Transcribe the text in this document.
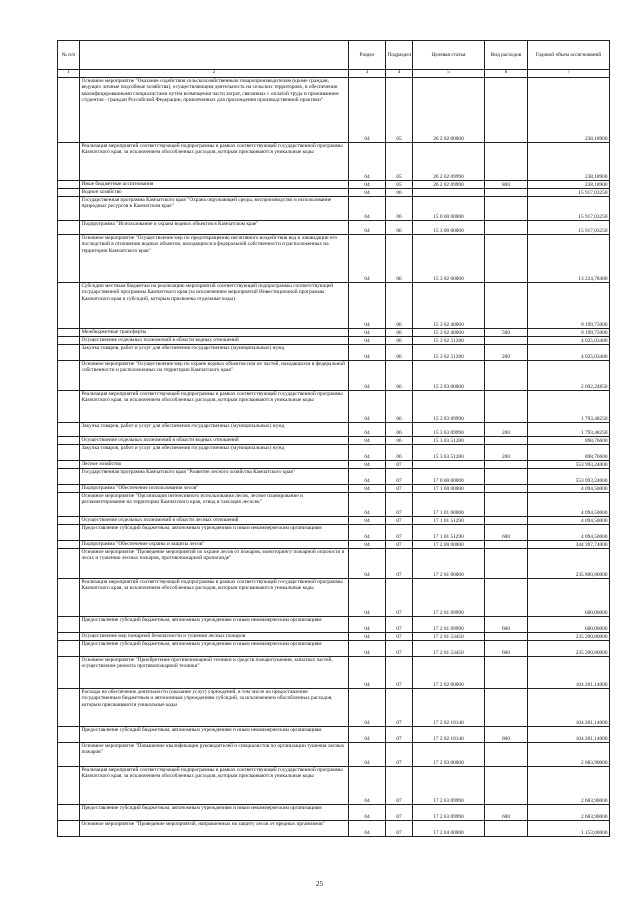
№ п/п		Раздел	Подраздел	Целевая статья	Вид расходов	Годовой объем ассигнований
1	2	3	4	5	6	7
	Основное мероприятие "Оказание содействия сельскохозяйственным товаропроизводителям (кроме граждан, ведущих личные подсобные хозяйства), осуществляющим деятельность на сельских территориях, в обеспечении квалифицированными специалистами путем возмещения части затрат, связанных с оплатой труда и проживанием студентов - граждан Российской Федерации, привлеченных для прохождения производственной практики"	04	05	26 2 02 00000		238,18900
	Реализация мероприятий соответствующей подпрограммы в рамках соответствующей государственной программы Камчатского края, за исключением обособленных расходов, которым присваиваются уникальные коды	04	05	26 2 02 09990		238,18900
	Иные бюджетные ассигнования	04	05	26 2 02 09990	800	238,18900
	Водное хозяйство	04	06			15 917,03250
	Государственная программа Камчатского края "Охрана окружающей среды, воспроизводство и использование природных ресурсов в Камчатском крае"	04	06	15 0 00 00000		15 917,03250
	Подпрограмма "Использование и охрана водных объектов в Камчатском крае"	04	06	15 3 00 00000		15 917,03250
	Основное мероприятие "Осуществление мер по предотвращению негативного воздействия вод и ликвидации его последствий в отношении водных объектов, находящихся в федеральной собственности и расположенных на территории Камчатского края"	04	06	15 3 02 00000		13 224,78400
	Субсидии местным бюджетам на реализацию мероприятий соответствующей подпрограммы соответствующей государственной программы Камчатского края (за исключением мероприятий Инвестиционной программы Камчатского края и субсидий, которым присвоены отдельные коды)	04	06	15 3 02 40060		9 199,75000
	Межбюджетные трансферты	04	06	15 3 02 40060	500	9 199,75000
	Осуществление отдельных полномочий в области водных отношений	04	06	15 3 02 51280		4 025,03400
	Закупка товаров, работ и услуг для обеспечения государственных (муниципальных) нужд	04	06	15 3 02 51280	200	4 025,03400
	Основное мероприятие "Осуществление мер по охране водных объектов или их частей, находящихся в федеральной собственности и расположенных на территории Камчатского края"	04	06	15 3 03 00000		2 692,24850
	Реализация мероприятий соответствующей подпрограммы в рамках соответствующей государственной программы Камчатского края, за исключением обособленных расходов, которым присваиваются уникальные коды	04	06	15 3 03 09990		1 793,48250
	Закупка товаров, работ и услуг для обеспечения государственных (муниципальных) нужд	04	06	15 3 03 09990	200	1 793,48250
	Осуществление отдельных полномочий в области водных отношений	04	06	15 3 03 51280		898,76600
	Закупка товаров, работ и услуг для обеспечения государственных (муниципальных) нужд	04	06	15 3 03 51280	200	898,76600
	Лесное хозяйство	04	07			553 993,24000
	Государственная программа Камчатского края "Развитие лесного хозяйства Камчатского края"	04	07	17 0 00 00000		553 993,24000
	Подпрограмма "Обеспечение использования лесов"	04	07	17 1 00 00000		4 094,50000
	Основное мероприятие "Организация интенсивного использования лесов, лесное планирование и регламентирование на территории Камчатского края, отвод и таксация лесосек"	04	07	17 1 01 00000		4 094,50000
	Осуществление отдельных полномочий в области лесных отношений	04	07	17 1 01 51290		4 094,50000
	Предоставление субсидий бюджетным, автономным учреждениям и иным некоммерческим организациям	04	07	17 1 01 51290	600	4 094,50000
	Подпрограмма "Обеспечение охраны и защиты лесов"	04	07	17 2 00 00000		344 397,74000
	Основное мероприятие "Проведение мероприятий по охране лесов от пожаров, мониторингу пожарной опасности в лесах и тушению лесных пожаров, противопожарной пропаганде"	04	07	17 2 01 00000		235 800,80000
	Реализация мероприятий соответствующей подпрограммы в рамках соответствующей государственной программы Камчатского края, за исключением обособленных расходов, которым присваиваются уникальные коды	04	07	17 2 01 09990		600,00000
	Предоставление субсидий бюджетным, автономным учреждениям и иным некоммерческим организациям	04	07	17 2 01 09990	600	600,00000
	Осуществление мер пожарной безопасности и тушения лесных пожаров	04	07	17 2 01 53450		235 200,80000
	Предоставление субсидий бюджетным, автономным учреждениям и иным некоммерческим организациям	04	07	17 2 01 53450	600	235 200,80000
	Основное мероприятие "Приобретение противопожарной техники и средств пожаротушения, запасных частей, осуществление ремонта противопожарной техники"	04	07	17 2 02 00000		104 261,14000
	Расходы на обеспечение деятельности (оказание услуг) учреждений, в том числе на предоставление государственным бюджетным и автономным учреждениям субсидий, за исключением обособленных расходов, которым присваиваются уникальные коды	04	07	17 2 02 10140		104 261,14000
	Предоставление субсидий бюджетным, автономным учреждениям и иным некоммерческим организациям	04	07	17 2 02 10140	600	104 261,14000
	Основное мероприятие "Повышение квалификации руководителей и специалистов по организации тушения лесных пожаров"	04	07	17 2 03 00000		2 683,90000
	Реализация мероприятий соответствующей подпрограммы в рамках соответствующей государственной программы Камчатского края, за исключением обособленных расходов, которым присваиваются уникальные коды	04	07	17 2 03 09990		2 683,90000
	Предоставление субсидий бюджетным, автономным учреждениям и иным некоммерческим организациям	04	07	17 2 03 09990	600	2 683,90000
	Основное мероприятие "Проведение мероприятий, направленных на защиту лесов от вредных организмов"	04	07	17 2 04 00000		1 153,00000
25
